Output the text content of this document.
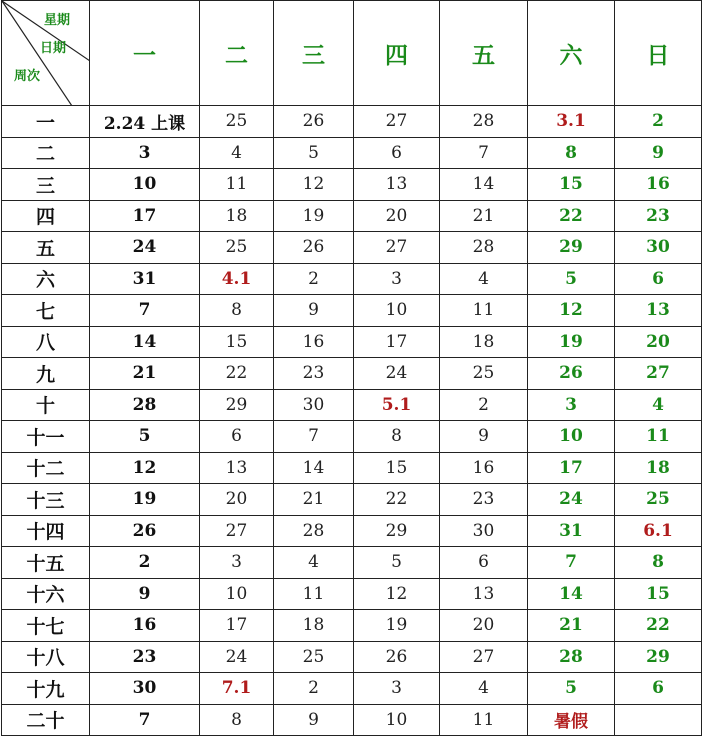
星期
日期
周次	一	二	三	四	五	六	日
一	2.24 上课	25	26	27	28	3.1	2
二	3	4	5	6	7	8	9
三	10	11	12	13	14	15	16
四	17	18	19	20	21	22	23
五	24	25	26	27	28	29	30
六	31	4.1	2	3	4	5	6
七	7	8	9	10	11	12	13
八	14	15	16	17	18	19	20
九	21	22	23	24	25	26	27
十	28	29	30	5.1	2	3	4
十一	5	6	7	8	9	10	11
十二	12	13	14	15	16	17	18
十三	19	20	21	22	23	24	25
十四	26	27	28	29	30	31	6.1
十五	2	3	4	5	6	7	8
十六	9	10	11	12	13	14	15
十七	16	17	18	19	20	21	22
十八	23	24	25	26	27	28	29
十九	30	7.1	2	3	4	5	6
二十	7	8	9	10	11	暑假	
